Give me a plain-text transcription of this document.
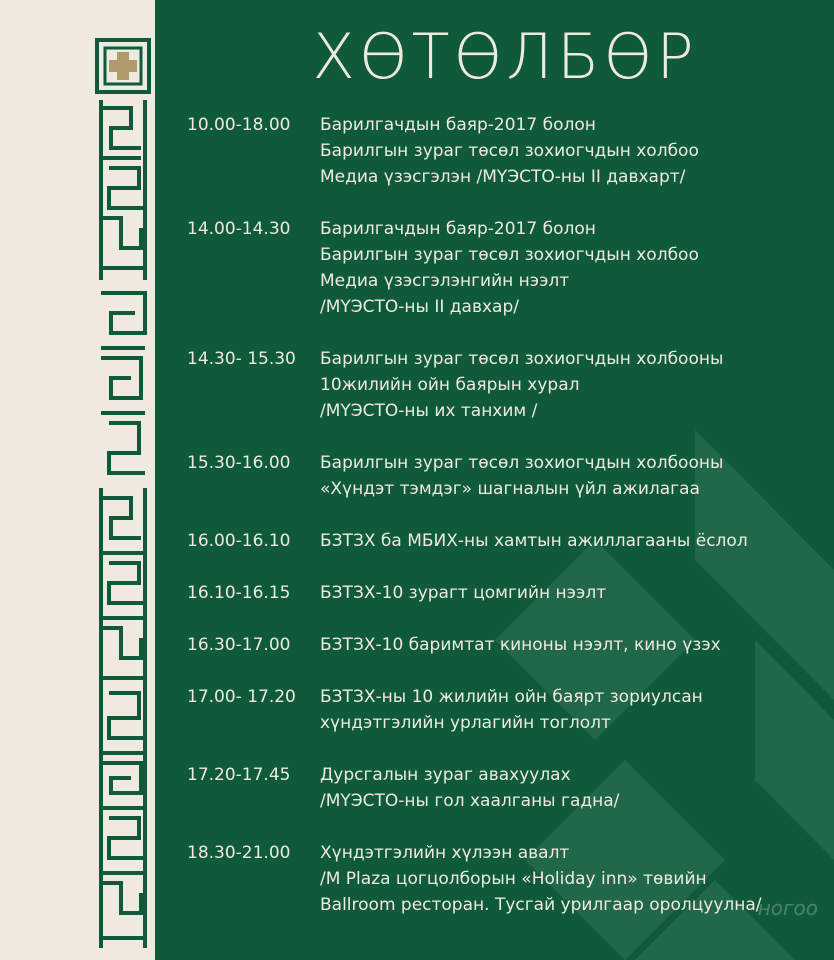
ХӨТӨЛБӨР
10.00-18.00	Барилгачдын баяр-2017 болон
Барилгын зураг төсөл зохиогчдын холбоо
Медиа үзэсгэлэн /МҮЭСТО-ны II давхарт/
14.00-14.30	Барилгачдын баяр-2017 болон
Барилгын зураг төсөл зохиогчдын холбоо
Медиа үзэсгэлэнгийн нээлт
/МҮЭСТО-ны II давхар/
14.30- 15.30	Барилгын зураг төсөл зохиогчдын холбооны
10жилийн ойн баярын хурал
/МҮЭСТО-ны их танхим /
15.30-16.00	Барилгын зураг төсөл зохиогчдын холбооны
«Хүндэт тэмдэг» шагналын үйл ажилагаа
16.00-16.10	БЗТЗХ ба МБИХ-ны хамтын ажиллагааны ёслол
16.10-16.15	БЗТЗХ-10 зурагт цомгийн нээлт
16.30-17.00	БЗТЗХ-10 баримтат киноны нээлт, кино үзэх
17.00- 17.20	БЗТЗХ-ны 10 жилийн ойн баярт зориулсан
хүндэтгэлийн урлагийн тоглолт
17.20-17.45	Дурсгалын зураг авахуулах
/МҮЭСТО-ны гол хаалганы гадна/
18.30-21.00	Хүндэтгэлийн хүлээн авалт
/M Plaza цогцолборын «Holiday inn» төвийн
Ballroom ресторан. Тусгай урилгаар оролцуулна/
ногоо
